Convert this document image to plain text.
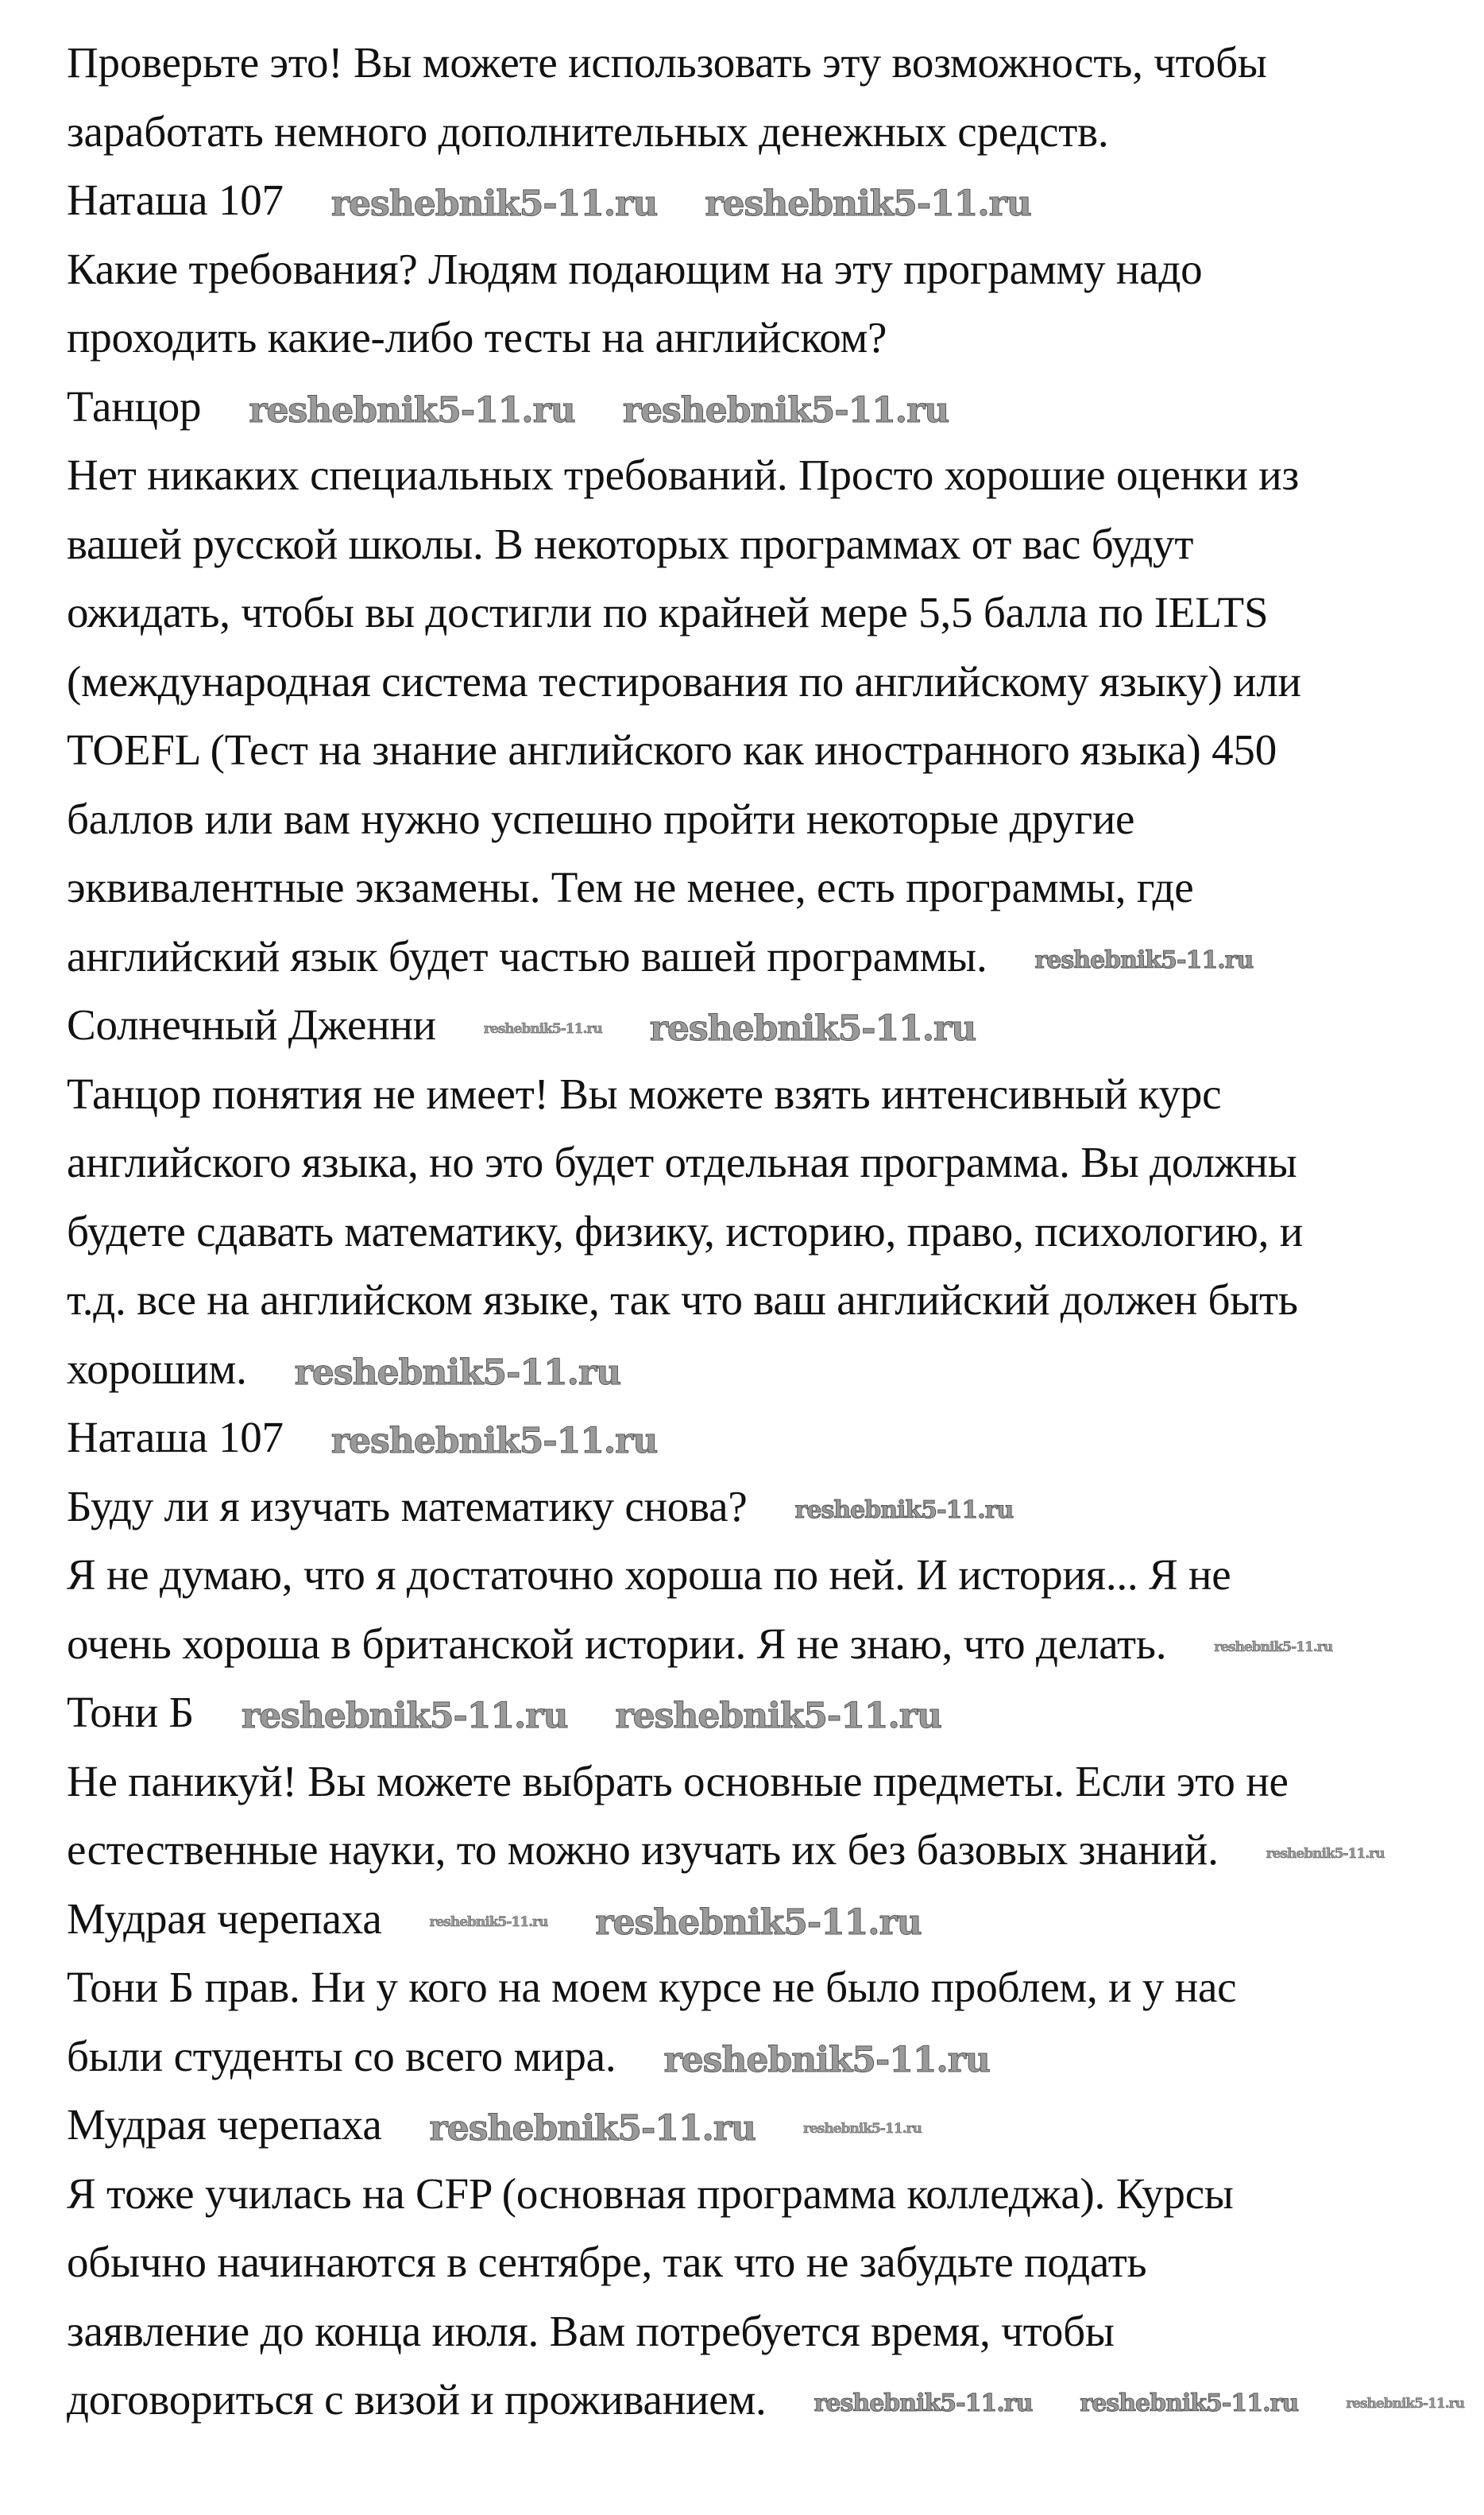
Проверьте это! Вы можете использовать эту возможность, чтобы
заработать немного дополнительных денежных средств.
Наташа 107 reshebnik5-11.ru reshebnik5-11.ru
Какие требования? Людям подающим на эту программу надо
проходить какие-либо тесты на английском?
Танцор reshebnik5-11.ru reshebnik5-11.ru
Нет никаких специальных требований. Просто хорошие оценки из
вашей русской школы. В некоторых программах от вас будут
ожидать, чтобы вы достигли по крайней мере 5,5 балла по IELTS
(международная система тестирования по английскому языку) или
TOEFL (Тест на знание английского как иностранного языка) 450
баллов или вам нужно успешно пройти некоторые другие
эквивалентные экзамены. Тем не менее, есть программы, где
английский язык будет частью вашей программы. reshebnik5-11.ru
Солнечный Дженни	reshebnik5-11.ru reshebnik5-11.ru
Танцор понятия не имеет! Вы можете взять интенсивный курс
английского языка, но это будет отдельная программа. Вы должны
будете сдавать математику, физику, историю, право, психологию, и
т.д. все на английском языке, так что ваш английский должен быть
хорошим. reshebnik5-11.ru
Наташа 107 reshebnik5-11.ru
Буду ли я изучать математику снова? reshebnik5-11.ru
Я не думаю, что я достаточно хороша по ней. И история... Я не
очень хороша в британской истории. Я не знаю, что делать.	reshebnik5-11.ru
Тони Б reshebnik5-11.ru reshebnik5-11.ru
Не паникуй! Вы можете выбрать основные предметы. Если это не
естественные науки, то можно изучать их без базовых знаний.	reshebnik5-11.ru
Мудрая черепаха	reshebnik5-11.ru reshebnik5-11.ru
Тони Б прав. Ни у кого на моем курсе не было проблем, и у нас
были студенты со всего мира. reshebnik5-11.ru
Мудрая черепаха reshebnik5-11.ru	reshebnik5-11.ru
Я тоже училась на CFP (основная программа колледжа). Курсы
обычно начинаются в сентябре, так что не забудьте подать
заявление до конца июля. Вам потребуется время, чтобы
договориться с визой и проживанием. reshebnik5-11.ru reshebnik5-11.ru	reshebnik5-11.ru
